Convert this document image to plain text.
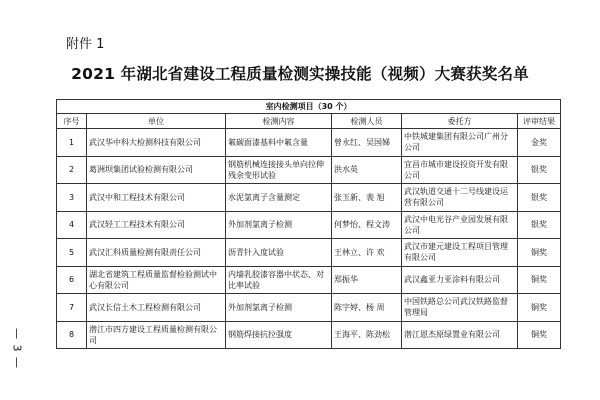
附件 1
2021 年湖北省建设工程质量检测实操技能（视频）大赛获奖名单
— 3 —
室内检测项目（30 个）					
序号	单位	检测内容	检测人员	委托方	评审结果
1	武汉华中科大检测科技有限公司	氟碳面漆基料中氟含量	曾永红、吴国娣	中铁城建集团有限公司广州分公司	金奖
2	葛洲坝集团试验检测有限公司	钢筋机械连接接头单向拉伸残余变形试验	洪水英	宜昌市城市建设投资开发有限公司	银奖
3	武汉中和工程技术有限公司	水泥氯离子含量测定	张玉新、裴 旭	武汉轨道交通十二号线建设运营有限公司	银奖
4	武汉轻工工程技术有限公司	外加剂氯离子检测	何梦怡、程文涛	武汉中电光谷产业园发展有限公司	银奖
5	武汉汇科质量检测有限责任公司	沥青针入度试验	王林立、许 欢	武汉市建元建设工程项目管理有限公司	铜奖
6	湖北省建筑工程质量监督检验测试中心有限公司	内墙乳胶漆容器中状态、对比率试验	郑振华	武汉鑫亚力亚涂料有限公司	铜奖
7	武汉长信土木工程检测有限公司	外加剂氯离子检测	陈字婷、杨 周	中国铁路总公司武汉铁路监督管理局	铜奖
8	潜江市四方建设工程质量检测有限公司	钢筋焊接抗拉强度	王海平、陈劲松	潜江恩杰原绿置业有限公司	铜奖
